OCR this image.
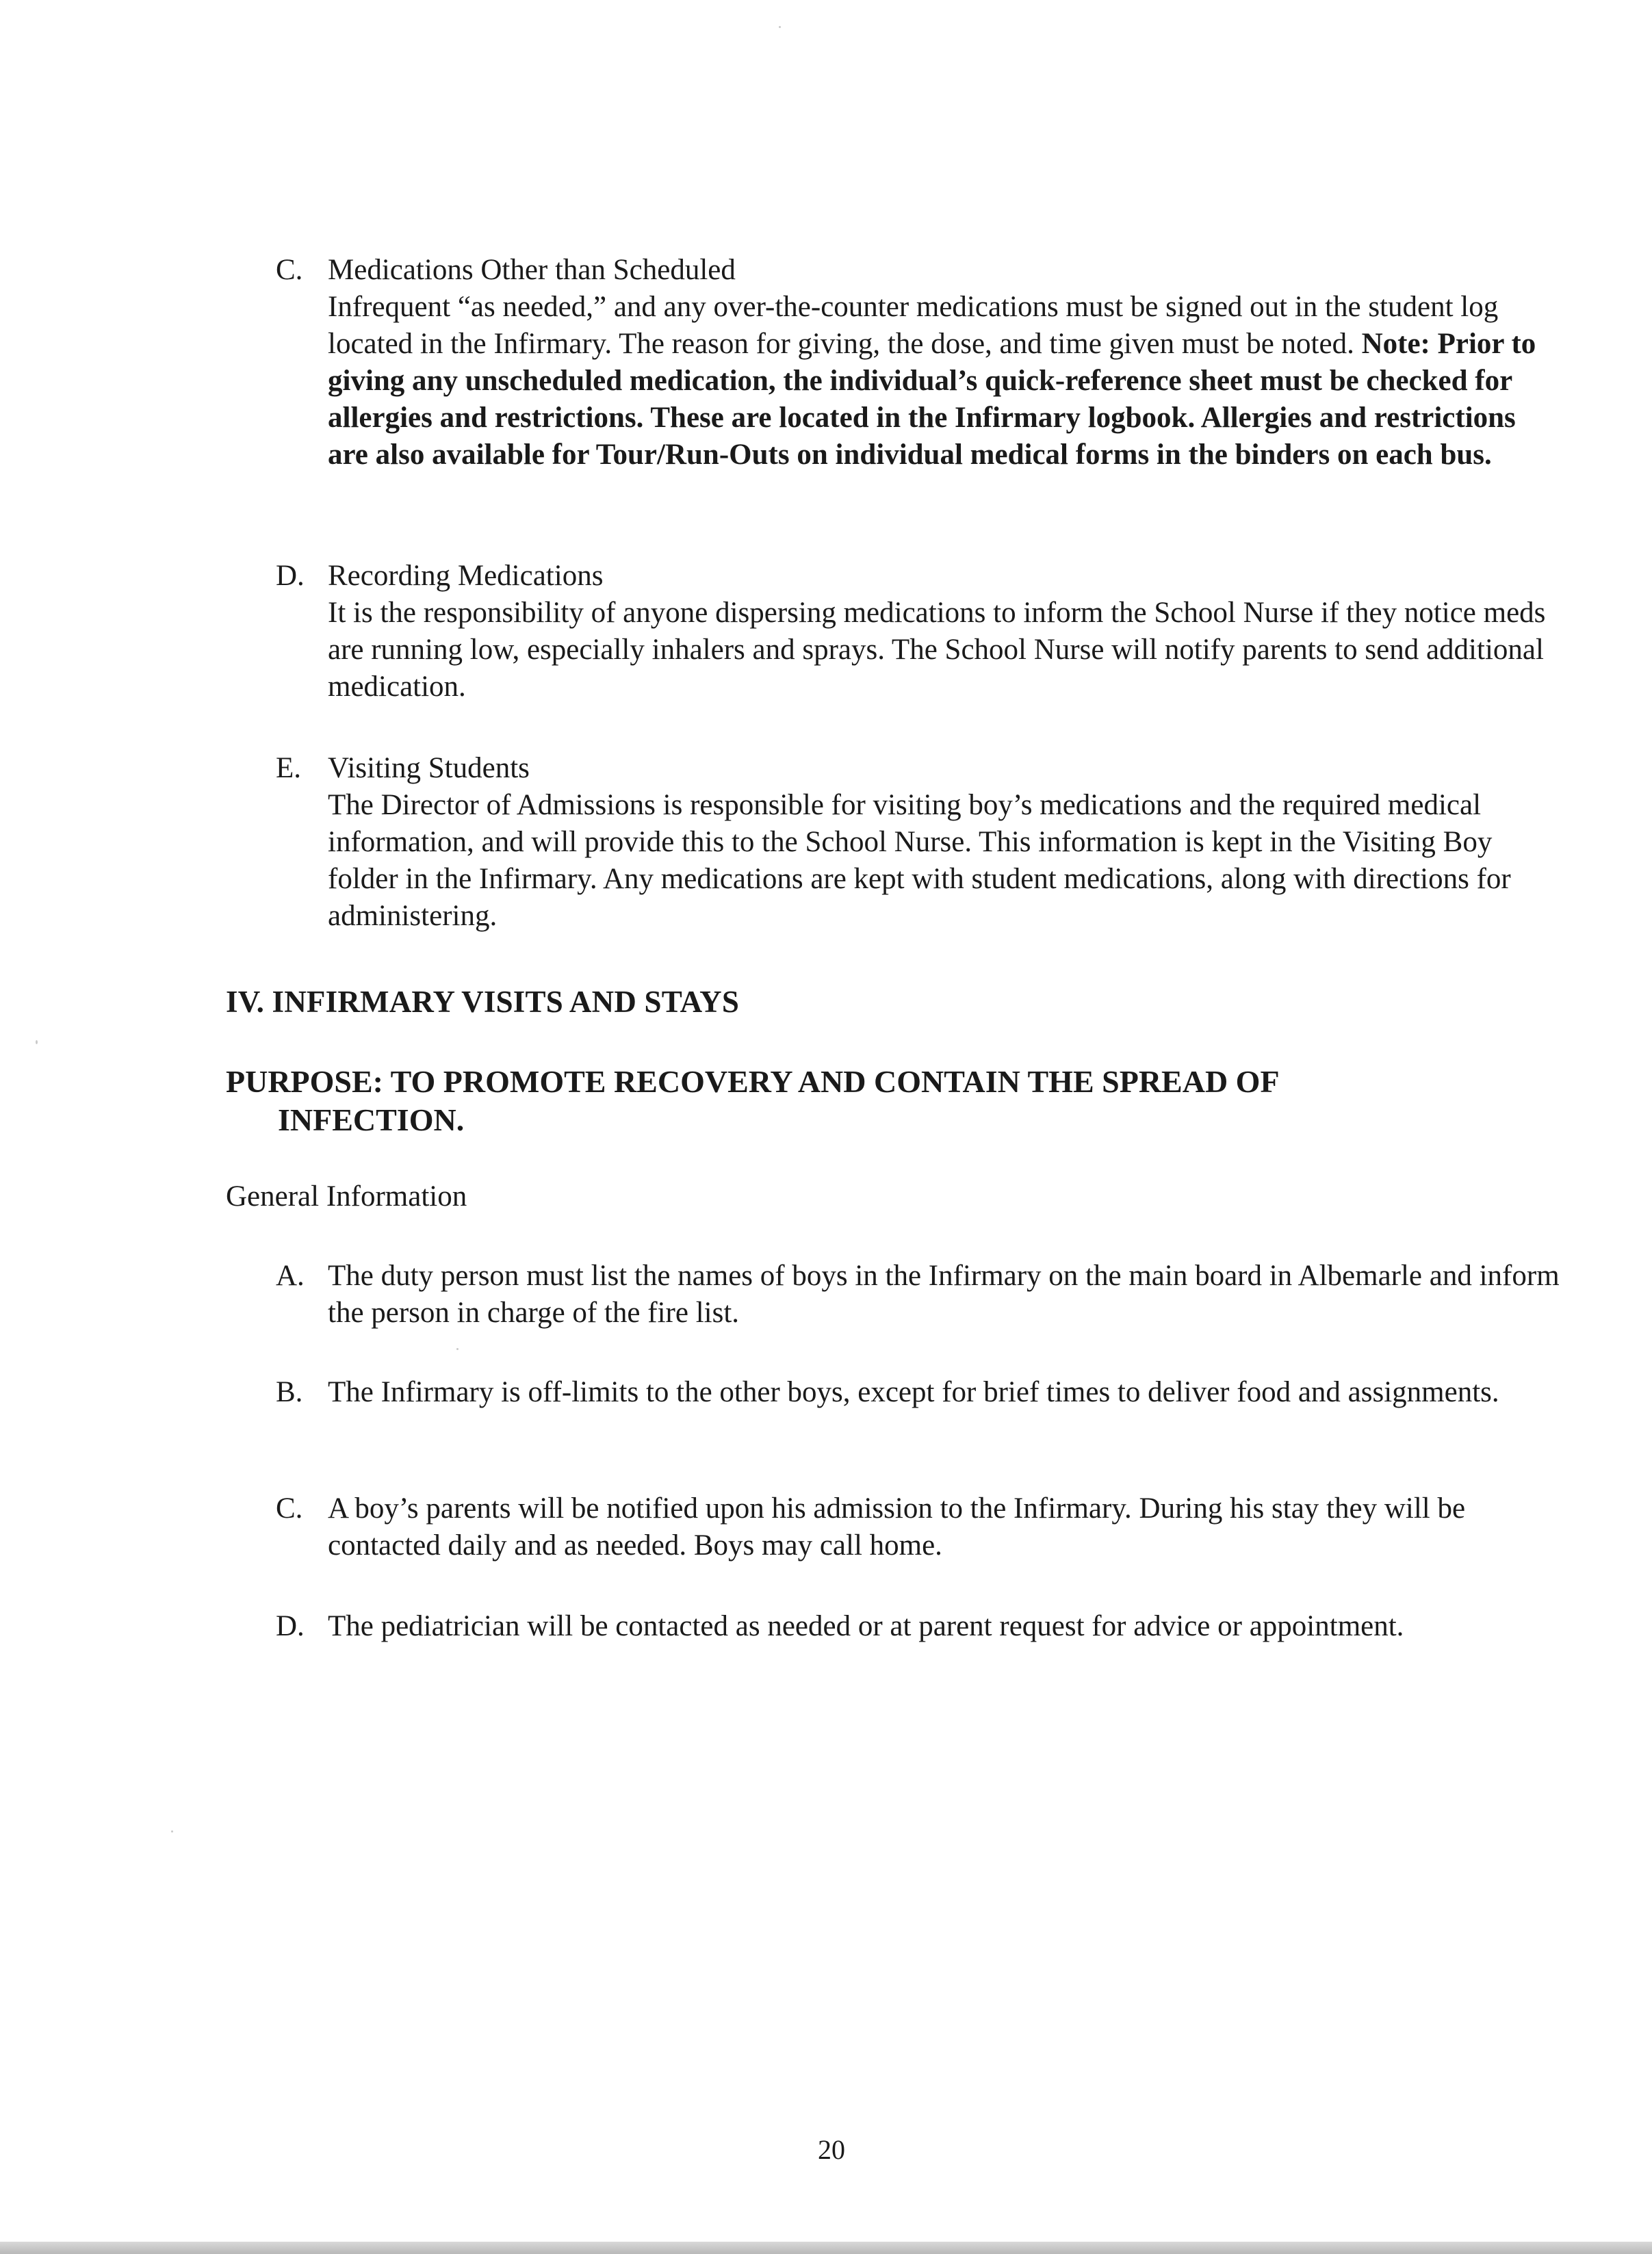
C. Medications Other than Scheduled
Infrequent “as needed,” and any over-the-counter medications must be signed out in the student log located in the Infirmary. The reason for giving, the dose, and time given must be noted. Note: Prior to giving any unscheduled medication, the individual’s quick-reference sheet must be checked for allergies and restrictions. These are located in the Infirmary logbook. Allergies and restrictions are also available for Tour/Run-Outs on individual medical forms in the binders on each bus.
D. Recording Medications
It is the responsibility of anyone dispersing medications to inform the School Nurse if they notice meds are running low, especially inhalers and sprays. The School Nurse will notify parents to send additional medication.
E. Visiting Students
The Director of Admissions is responsible for visiting boy’s medications and the required medical information, and will provide this to the School Nurse. This information is kept in the Visiting Boy folder in the Infirmary. Any medications are kept with student medications, along with directions for administering.
IV. INFIRMARY VISITS AND STAYS
PURPOSE: TO PROMOTE RECOVERY AND CONTAIN THE SPREAD OF
INFECTION.
General Information
A. The duty person must list the names of boys in the Infirmary on the main board in Albemarle and inform the person in charge of the fire list.
B. The Infirmary is off-limits to the other boys, except for brief times to deliver food and assignments.
C. A boy’s parents will be notified upon his admission to the Infirmary. During his stay they will be contacted daily and as needed. Boys may call home.
D. The pediatrician will be contacted as needed or at parent request for advice or appointment.
20
